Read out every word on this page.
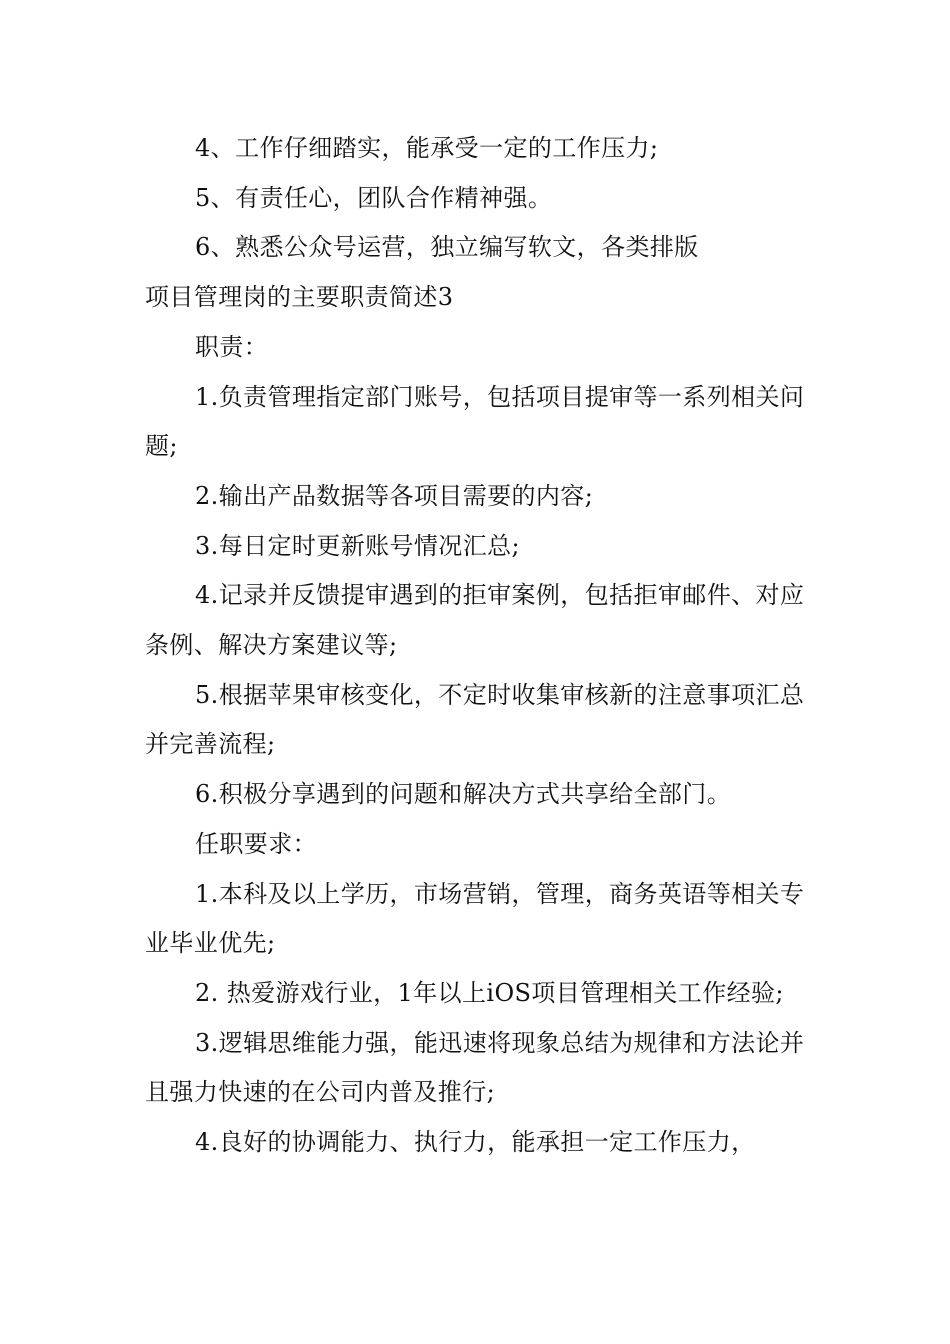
4、工作仔细踏实，能承受一定的工作压力;

5、有责任心，团队合作精神强。

6、熟悉公众号运营，独立编写软文，各类排版

项目管理岗的主要职责简述3

职责：

1.负责管理指定部门账号，包括项目提审等一系列相关问题;

2.输出产品数据等各项目需要的内容;

3.每日定时更新账号情况汇总;

4.记录并反馈提审遇到的拒审案例，包括拒审邮件、对应条例、解决方案建议等;

5.根据苹果审核变化，不定时收集审核新的注意事项汇总并完善流程;

6.积极分享遇到的问题和解决方式共享给全部门。

任职要求：

1.本科及以上学历，市场营销，管理，商务英语等相关专业毕业优先;

2. 热爱游戏行业，1年以上iOS项目管理相关工作经验;

3.逻辑思维能力强，能迅速将现象总结为规律和方法论并且强力快速的在公司内普及推行;

4.良好的协调能力、执行力，能承担一定工作压力，
